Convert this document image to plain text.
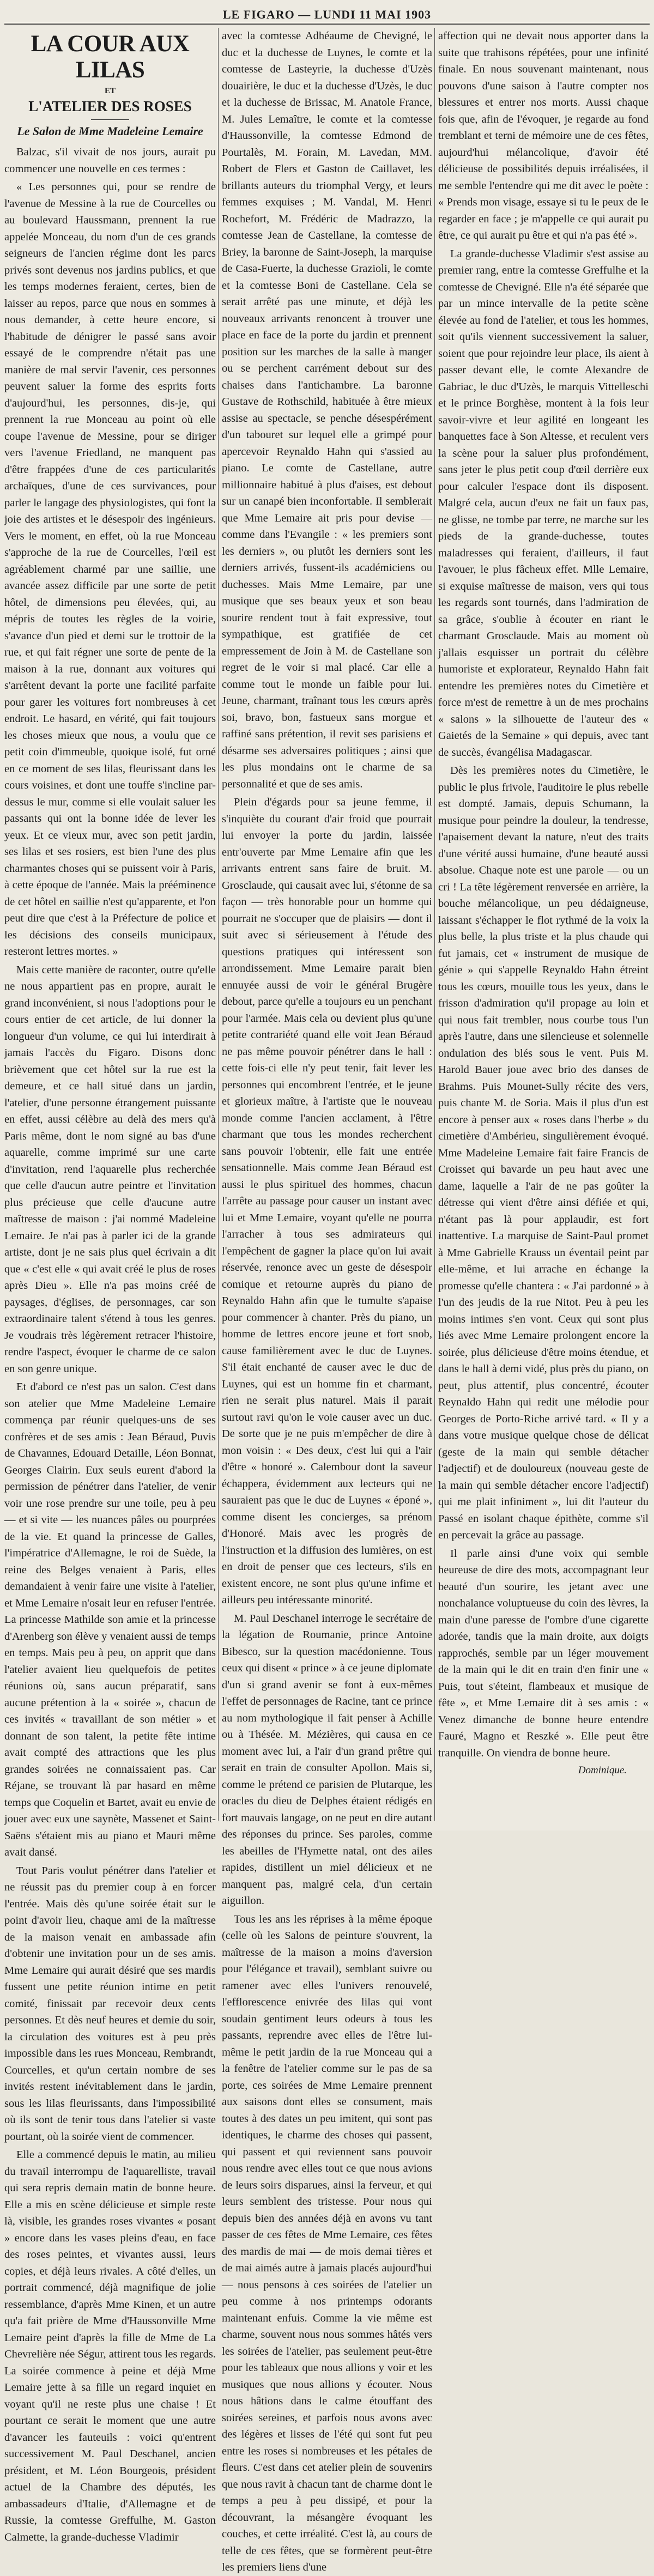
LE FIGARO — LUNDI 11 MAI 1903
LA COUR AUX LILAS
ET
L'ATELIER DES ROSES
Le Salon de Mme Madeleine Lemaire

Balzac, s'il vivait de nos jours, aurait pu commencer une nouvelle en ces termes :

« Les personnes qui, pour se rendre de l'avenue de Messine à la rue de Courcelles ou au boulevard Haussmann, prennent la rue appelée Monceau, du nom d'un de ces grands seigneurs de l'ancien régime dont les parcs privés sont devenus nos jardins publics, et que les temps modernes feraient, certes, bien de laisser au repos, parce que nous en sommes à nous demander, à cette heure encore, si l'habitude de dénigrer le passé sans avoir essayé de le comprendre n'était pas une manière de mal servir l'avenir, ces personnes peuvent saluer la forme des esprits forts d'aujourd'hui, les personnes, dis-je, qui prennent la rue Monceau au point où elle coupe l'avenue de Messine, pour se diriger vers l'avenue Friedland, ne manquent pas d'être frappées d'une de ces particularités archaïques, d'une de ces survivances, pour parler le langage des physiologistes, qui font la joie des artistes et le désespoir des ingénieurs. Vers le moment, en effet, où la rue Monceau s'approche de la rue de Courcelles, l'œil est agréablement charmé par une saillie, une avancée assez difficile par une sorte de petit hôtel, de dimensions peu élevées, qui, au mépris de toutes les règles de la voirie, s'avance d'un pied et demi sur le trottoir de la rue, et qui fait régner une sorte de pente de la maison à la rue, donnant aux voitures qui s'arrêtent devant la porte une facilité parfaite pour garer les voitures fort nombreuses à cet endroit. Le hasard, en vérité, qui fait toujours les choses mieux que nous, a voulu que ce petit coin d'immeuble, quoique isolé, fut orné en ce moment de ses lilas, fleurissant dans les cours voisines, et dont une touffe s'incline par-dessus le mur, comme si elle voulait saluer les passants qui ont la bonne idée de lever les yeux. Et ce vieux mur, avec son petit jardin, ses lilas et ses rosiers, est bien l'une des plus charmantes choses qui se puissent voir à Paris, à cette époque de l'année. Mais la prééminence de cet hôtel en saillie n'est qu'apparente, et l'on peut dire que c'est à la Préfecture de police et les décisions des conseils municipaux, resteront lettres mortes. »

Mais cette manière de raconter, outre qu'elle ne nous appartient pas en propre, aurait le grand inconvénient, si nous l'adoptions pour le cours entier de cet article, de lui donner la longueur d'un volume, ce qui lui interdirait à jamais l'accès du Figaro. Disons donc brièvement que cet hôtel sur la rue est la demeure, et ce hall situé dans un jardin, l'atelier, d'une personne étrangement puissante en effet, aussi célèbre au delà des mers qu'à Paris même, dont le nom signé au bas d'une aquarelle, comme imprimé sur une carte d'invitation, rend l'aquarelle plus recherchée que celle d'aucun autre peintre et l'invitation plus précieuse que celle d'aucune autre maîtresse de maison : j'ai nommé Madeleine Lemaire. Je n'ai pas à parler ici de la grande artiste, dont je ne sais plus quel écrivain a dit que « c'est elle « qui avait créé le plus de roses après Dieu ». Elle n'a pas moins créé de paysages, d'églises, de personnages, car son extraordinaire talent s'étend à tous les genres. Je voudrais très légèrement retracer l'histoire, rendre l'aspect, évoquer le charme de ce salon en son genre unique.

Et d'abord ce n'est pas un salon. C'est dans son atelier que Mme Madeleine Lemaire commença par réunir quelques-uns de ses confrères et de ses amis : Jean Béraud, Puvis de Chavannes, Edouard Detaille, Léon Bonnat, Georges Clairin. Eux seuls eurent d'abord la permission de pénétrer dans l'atelier, de venir voir une rose prendre sur une toile, peu à peu — et si vite — les nuances pâles ou pourprées de la vie. Et quand la princesse de Galles, l'impératrice d'Allemagne, le roi de Suède, la reine des Belges venaient à Paris, elles demandaient à venir faire une visite à l'atelier, et Mme Lemaire n'osait leur en refuser l'entrée. La princesse Mathilde son amie et la princesse d'Arenberg son élève y venaient aussi de temps en temps. Mais peu à peu, on apprit que dans l'atelier avaient lieu quelquefois de petites réunions où, sans aucun préparatif, sans aucune prétention à la « soirée », chacun de ces invités « travaillant de son métier » et donnant de son talent, la petite fête intime avait compté des attractions que les plus grandes soirées ne connaissaient pas. Car Réjane, se trouvant là par hasard en même temps que Coquelin et Bartet, avait eu envie de jouer avec eux une saynète, Massenet et Saint-Saëns s'étaient mis au piano et Mauri même avait dansé.

Tout Paris voulut pénétrer dans l'atelier et ne réussit pas du premier coup à en forcer l'entrée. Mais dès qu'une soirée était sur le point d'avoir lieu, chaque ami de la maîtresse de la maison venait en ambassade afin d'obtenir une invitation pour un de ses amis. Mme Lemaire qui aurait désiré que ses mardis fussent une petite réunion intime en petit comité, finissait par recevoir deux cents personnes. Et dès neuf heures et demie du soir, la circulation des voitures est à peu près impossible dans les rues Monceau, Rembrandt, Courcelles, et qu'un certain nombre de ses invités restent inévitablement dans le jardin, sous les lilas fleurissants, dans l'impossibilité où ils sont de tenir tous dans l'atelier si vaste pourtant, où la soirée vient de commencer.

Elle a commencé depuis le matin, au milieu du travail interrompu de l'aquarelliste, travail qui sera repris demain matin de bonne heure. Elle a mis en scène délicieuse et simple reste là, visible, les grandes roses vivantes « posant » encore dans les vases pleins d'eau, en face des roses peintes, et vivantes aussi, leurs copies, et déjà leurs rivales. A côté d'elles, un portrait commencé, déjà magnifique de jolie ressemblance, d'après Mme Kinen, et un autre qu'a fait prière de Mme d'Haussonville Mme Lemaire peint d'après la fille de Mme de La Chevrelière née Ségur, attirent tous les regards. La soirée commence à peine et déjà Mme Lemaire jette à sa fille un regard inquiet en voyant qu'il ne reste plus une chaise ! Et pourtant ce serait le moment que une autre d'avancer les fauteuils : voici qu'entrent successivement M. Paul Deschanel, ancien président, et M. Léon Bourgeois, président actuel de la Chambre des députés, les ambassadeurs d'Italie, d'Allemagne et de Russie, la comtesse Greffulhe, M. Gaston Calmette, la grande-duchesse Vladimir

avec la comtesse Adhéaume de Chevigné, le duc et la duchesse de Luynes, le comte et la comtesse de Lasteyrie, la duchesse d'Uzès douairière, le duc et la duchesse d'Uzès, le duc et la duchesse de Brissac, M. Anatole France, M. Jules Lemaître, le comte et la comtesse d'Haussonville, la comtesse Edmond de Pourtalès, M. Forain, M. Lavedan, MM. Robert de Flers et Gaston de Caillavet, les brillants auteurs du triomphal Vergy, et leurs femmes exquises ; M. Vandal, M. Henri Rochefort, M. Frédéric de Madrazzo, la comtesse Jean de Castellane, la comtesse de Briey, la baronne de Saint-Joseph, la marquise de Casa-Fuerte, la duchesse Grazioli, le comte et la comtesse Boni de Castellane. Cela se serait arrêté pas une minute, et déjà les nouveaux arrivants renoncent à trouver une place en face de la porte du jardin et prennent position sur les marches de la salle à manger ou se perchent carrément debout sur des chaises dans l'antichambre. La baronne Gustave de Rothschild, habituée à être mieux assise au spectacle, se penche désespérément d'un tabouret sur lequel elle a grimpé pour apercevoir Reynaldo Hahn qui s'assied au piano. Le comte de Castellane, autre millionnaire habitué à plus d'aises, est debout sur un canapé bien inconfortable. Il semblerait que Mme Lemaire ait pris pour devise — comme dans l'Evangile : « les premiers sont les derniers », ou plutôt les derniers sont les derniers arrivés, fussent-ils académiciens ou duchesses. Mais Mme Lemaire, par une musique que ses beaux yeux et son beau sourire rendent tout à fait expressive, tout sympathique, est gratifiée de cet empressement de Join à M. de Castellane son regret de le voir si mal placé. Car elle a comme tout le monde un faible pour lui. Jeune, charmant, traînant tous les cœurs après soi, bravo, bon, fastueux sans morgue et raffiné sans prétention, il revit ses parisiens et désarme ses adversaires politiques ; ainsi que les plus mondains ont le charme de sa personnalité et que de ses amis.

Plein d'égards pour sa jeune femme, il s'inquiète du courant d'air froid que pourrait lui envoyer la porte du jardin, laissée entr'ouverte par Mme Lemaire afin que les arrivants entrent sans faire de bruit. M. Grosclaude, qui causait avec lui, s'étonne de sa façon — très honorable pour un homme qui pourrait ne s'occuper que de plaisirs — dont il suit avec si sérieusement à l'étude des questions pratiques qui intéressent son arrondissement. Mme Lemaire parait bien ennuyée aussi de voir le général Brugère debout, parce qu'elle a toujours eu un penchant pour l'armée. Mais cela ou devient plus qu'une petite contrariété quand elle voit Jean Béraud ne pas même pouvoir pénétrer dans le hall : cette fois-ci elle n'y peut tenir, fait lever les personnes qui encombrent l'entrée, et le jeune et glorieux maître, à l'artiste que le nouveau monde comme l'ancien acclament, à l'être charmant que tous les mondes recherchent sans pouvoir l'obtenir, elle fait une entrée sensationnelle. Mais comme Jean Béraud est aussi le plus spirituel des hommes, chacun l'arrête au passage pour causer un instant avec lui et Mme Lemaire, voyant qu'elle ne pourra l'arracher à tous ses admirateurs qui l'empêchent de gagner la place qu'on lui avait réservée, renonce avec un geste de désespoir comique et retourne auprès du piano de Reynaldo Hahn afin que le tumulte s'apaise pour commencer à chanter. Près du piano, un homme de lettres encore jeune et fort snob, cause familièrement avec le duc de Luynes. S'il était enchanté de causer avec le duc de Luynes, qui est un homme fin et charmant, rien ne serait plus naturel. Mais il parait surtout ravi qu'on le voie causer avec un duc. De sorte que je ne puis m'empêcher de dire à mon voisin : « Des deux, c'est lui qui a l'air d'être « honoré ». Calembour dont la saveur échappera, évidemment aux lecteurs qui ne sauraient pas que le duc de Luynes « époné », comme disent les concierges, sa prénom d'Honoré. Mais avec les progrès de l'instruction et la diffusion des lumières, on est en droit de penser que ces lecteurs, s'ils en existent encore, ne sont plus qu'une infime et ailleurs peu intéressante minorité.

M. Paul Deschanel interroge le secrétaire de la légation de Roumanie, prince Antoine Bibesco, sur la question macédonienne. Tous ceux qui disent « prince » à ce jeune diplomate d'un si grand avenir se font à eux-mêmes l'effet de personnages de Racine, tant ce prince au nom mythologique il fait penser à Achille ou à Thésée. M. Mézières, qui causa en ce moment avec lui, a l'air d'un grand prêtre qui serait en train de consulter Apollon. Mais si, comme le prétend ce parisien de Plutarque, les oracles du dieu de Delphes étaient rédigés en fort mauvais langage, on ne peut en dire autant des réponses du prince. Ses paroles, comme les abeilles de l'Hymette natal, ont des ailes rapides, distillent un miel délicieux et ne manquent pas, malgré cela, d'un certain aiguillon.

Tous les ans les réprises à la même époque (celle où les Salons de peinture s'ouvrent, la maîtresse de la maison a moins d'aversion pour l'élégance et travail), semblant suivre ou ramener avec elles l'univers renouvelé, l'efflorescence enivrée des lilas qui vont soudain gentiment leurs odeurs à tous les passants, reprendre avec elles de l'être lui-même le petit jardin de la rue Monceau qui a la fenêtre de l'atelier comme sur le pas de sa porte, ces soirées de Mme Lemaire prennent aux saisons dont elles se consument, mais toutes à des dates un peu imitent, qui sont pas identiques, le charme des choses qui passent, qui passent et qui reviennent sans pouvoir nous rendre avec elles tout ce que nous avions de leurs soirs disparues, ainsi la ferveur, et qui leurs semblent des tristesse. Pour nous qui depuis bien des années déjà en avons vu tant passer de ces fêtes de Mme Lemaire, ces fêtes des mardis de mai — de mois demai tières et de mai aimés autre à jamais placés aujourd'hui — nous pensons à ces soirées de l'atelier un peu comme à nos printemps odorants maintenant enfuis. Comme la vie même est charme, souvent nous nous sommes hâtés vers les soirées de l'atelier, pas seulement peut-être pour les tableaux que nous allions y voir et les musiques que nous allions y écouter. Nous nous hâtions dans le calme étouffant des soirées sereines, et parfois nous avons avec des légères et lisses de l'été qui sont fut peu entre les roses si nombreuses et les pétales de fleurs. C'est dans cet atelier plein de souvenirs que nous ravit à chacun tant de charme dont le temps a peu à peu dissipé, et pour la découvrant, la mésangère évoquant les couches, et cette irréalité. C'est là, au cours de telle de ces fêtes, que se formèrent peut-être les premiers liens d'une

affection qui ne devait nous apporter dans la suite que trahisons répétées, pour une infinité finale. En nous souvenant maintenant, nous pouvons d'une saison à l'autre compter nos blessures et entrer nos morts. Aussi chaque fois que, afin de l'évoquer, je regarde au fond tremblant et terni de mémoire une de ces fêtes, aujourd'hui mélancolique, d'avoir été délicieuse de possibilités depuis irréalisées, il me semble l'entendre qui me dit avec le poète : « Prends mon visage, essaye si tu le peux de le regarder en face ; je m'appelle ce qui aurait pu être, ce qui aurait pu être et qui n'a pas été ».

La grande-duchesse Vladimir s'est assise au premier rang, entre la comtesse Greffulhe et la comtesse de Chevigné. Elle n'a été séparée que par un mince intervalle de la petite scène élevée au fond de l'atelier, et tous les hommes, soit qu'ils viennent successivement la saluer, soient que pour rejoindre leur place, ils aient à passer devant elle, le comte Alexandre de Gabriac, le duc d'Uzès, le marquis Vittelleschi et le prince Borghèse, montent à la fois leur savoir-vivre et leur agilité en longeant les banquettes face à Son Altesse, et reculent vers la scène pour la saluer plus profondément, sans jeter le plus petit coup d'œil derrière eux pour calculer l'espace dont ils disposent. Malgré cela, aucun d'eux ne fait un faux pas, ne glisse, ne tombe par terre, ne marche sur les pieds de la grande-duchesse, toutes maladresses qui feraient, d'ailleurs, il faut l'avouer, le plus fâcheux effet. Mlle Lemaire, si exquise maîtresse de maison, vers qui tous les regards sont tournés, dans l'admiration de sa grâce, s'oublie à écouter en riant le charmant Grosclaude. Mais au moment où j'allais esquisser un portrait du célèbre humoriste et explorateur, Reynaldo Hahn fait entendre les premières notes du Cimetière et force m'est de remettre à un de mes prochains « salons » la silhouette de l'auteur des « Gaietés de la Semaine » qui depuis, avec tant de succès, évangélisa Madagascar.

Dès les premières notes du Cimetière, le public le plus frivole, l'auditoire le plus rebelle est dompté. Jamais, depuis Schumann, la musique pour peindre la douleur, la tendresse, l'apaisement devant la nature, n'eut des traits d'une vérité aussi humaine, d'une beauté aussi absolue. Chaque note est une parole — ou un cri ! La tête légèrement renversée en arrière, la bouche mélancolique, un peu dédaigneuse, laissant s'échapper le flot rythmé de la voix la plus belle, la plus triste et la plus chaude qui fut jamais, cet « instrument de musique de génie » qui s'appelle Reynaldo Hahn étreint tous les cœurs, mouille tous les yeux, dans le frisson d'admiration qu'il propage au loin et qui nous fait trembler, nous courbe tous l'un après l'autre, dans une silencieuse et solennelle ondulation des blés sous le vent. Puis M. Harold Bauer joue avec brio des danses de Brahms. Puis Mounet-Sully récite des vers, puis chante M. de Soria. Mais il plus d'un est encore à penser aux « roses dans l'herbe » du cimetière d'Ambérieu, singulièrement évoqué. Mme Madeleine Lemaire fait faire Francis de Croisset qui bavarde un peu haut avec une dame, laquelle a l'air de ne pas goûter la détresse qui vient d'être ainsi défiée et qui, n'étant pas là pour applaudir, est fort inattentive. La marquise de Saint-Paul promet à Mme Gabrielle Krauss un éventail peint par elle-même, et lui arrache en échange la promesse qu'elle chantera : « J'ai pardonné » à l'un des jeudis de la rue Nitot. Peu à peu les moins intimes s'en vont. Ceux qui sont plus liés avec Mme Lemaire prolongent encore la soirée, plus délicieuse d'être moins étendue, et dans le hall à demi vidé, plus près du piano, on peut, plus attentif, plus concentré, écouter Reynaldo Hahn qui redit une mélodie pour Georges de Porto-Riche arrivé tard. « Il y a dans votre musique quelque chose de délicat (geste de la main qui semble détacher l'adjectif) et de douloureux (nouveau geste de la main qui semble détacher encore l'adjectif) qui me plait infiniment », lui dit l'auteur du Passé en isolant chaque épithète, comme s'il en percevait la grâce au passage.

Il parle ainsi d'une voix qui semble heureuse de dire des mots, accompagnant leur beauté d'un sourire, les jetant avec une nonchalance voluptueuse du coin des lèvres, la main d'une paresse de l'ombre d'une cigarette adorée, tandis que la main droite, aux doigts rapprochés, semble par un léger mouvement de la main qui le dit en train d'en finir une « Puis, tout s'éteint, flambeaux et musique de fête », et Mme Lemaire dit à ses amis : « Venez dimanche de bonne heure entendre Fauré, Magno et Reszké ». Elle peut être tranquille. On viendra de bonne heure.

Dominique.
